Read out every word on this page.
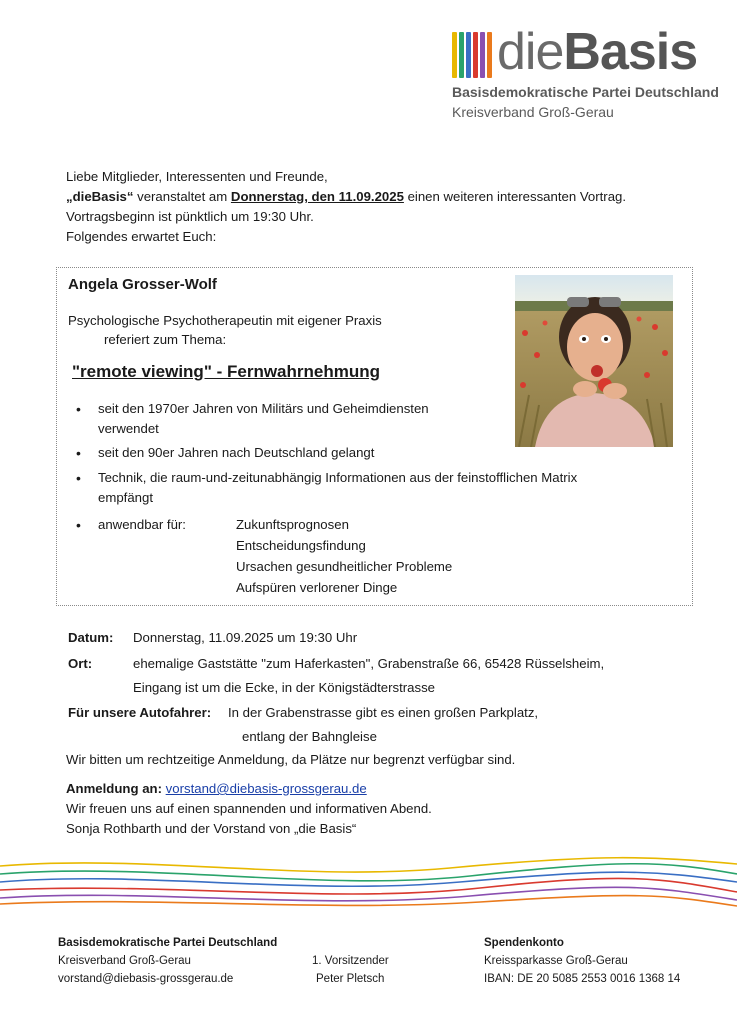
dieBasis
Basisdemokratische Partei Deutschland
Kreisverband Groß-Gerau
Liebe Mitglieder, Interessenten und Freunde,
„dieBasis“ veranstaltet am Donnerstag, den 11.09.2025 einen weiteren interessanten Vortrag.
Vortragsbeginn ist pünktlich um 19:30 Uhr.
Folgendes erwartet Euch:
Angela Grosser-Wolf
Psychologische Psychotherapeutin mit eigener Praxis
referiert zum Thema:
"remote viewing" - Fernwahrnehmung
• seit den 1970er Jahren von Militärs und Geheimdiensten
verwendet
• seit den 90er Jahren nach Deutschland gelangt
• Technik, die raum-und-zeitunabhängig Informationen aus der feinstofflichen Matrix
empfängt
• anwendbar für:	Zukunftsprognosen
Entscheidungsfindung
Ursachen gesundheitlicher Probleme
Aufspüren verlorener Dinge
Datum: Donnerstag, 11.09.2025 um 19:30 Uhr
Ort:	ehemalige Gaststätte "zum Haferkasten", Grabenstraße 66, 65428 Rüsselsheim,
Eingang ist um die Ecke, in der Königstädterstrasse
Für unsere Autofahrer: In der Grabenstrasse gibt es einen großen Parkplatz,
entlang der Bahngleise
Wir bitten um rechtzeitige Anmeldung, da Plätze nur begrenzt verfügbar sind.
Anmeldung an: vorstand@diebasis-grossgerau.de
Wir freuen uns auf einen spannenden und informativen Abend.
Sonja Rothbarth und der Vorstand von „die Basis“
Basisdemokratische Partei Deutschland
Kreisverband Groß-Gerau
vorstand@diebasis-grossgerau.de
1. Vorsitzender
Peter Pletsch
Spendenkonto
Kreissparkasse Groß-Gerau
IBAN: DE 20 5085 2553 0016 1368 14
